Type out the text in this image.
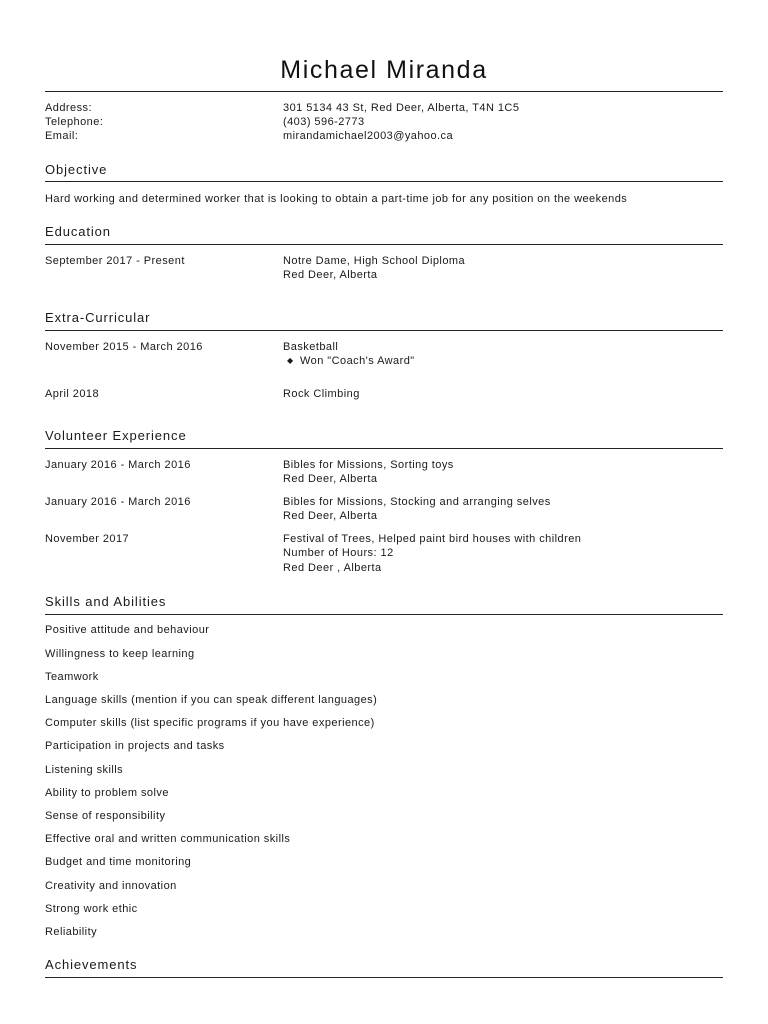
Michael Miranda
Address:	301 5134 43 St, Red Deer, Alberta, T4N 1C5
Telephone:	(403) 596-2773
Email:	mirandamichael2003@yahoo.ca
Objective
Hard working and determined worker that is looking to obtain a part-time job for any position on the weekends
Education
September 2017 - Present	Notre Dame, High School Diploma
Red Deer, Alberta
Extra-Curricular
November 2015 - March 2016	Basketball
◆ Won "Coach's Award"
April 2018	Rock Climbing
Volunteer Experience
January 2016 - March 2016	Bibles for Missions, Sorting toys
Red Deer, Alberta
January 2016 - March 2016	Bibles for Missions, Stocking and arranging selves
Red Deer, Alberta
November 2017	Festival of Trees, Helped paint bird houses with children
Number of Hours: 12
Red Deer , Alberta
Skills and Abilities
Positive attitude and behaviour
Willingness to keep learning
Teamwork
Language skills (mention if you can speak different languages)
Computer skills (list specific programs if you have experience)
Participation in projects and tasks
Listening skills
Ability to problem solve
Sense of responsibility
Effective oral and written communication skills
Budget and time monitoring
Creativity and innovation
Strong work ethic
Reliability
Achievements
